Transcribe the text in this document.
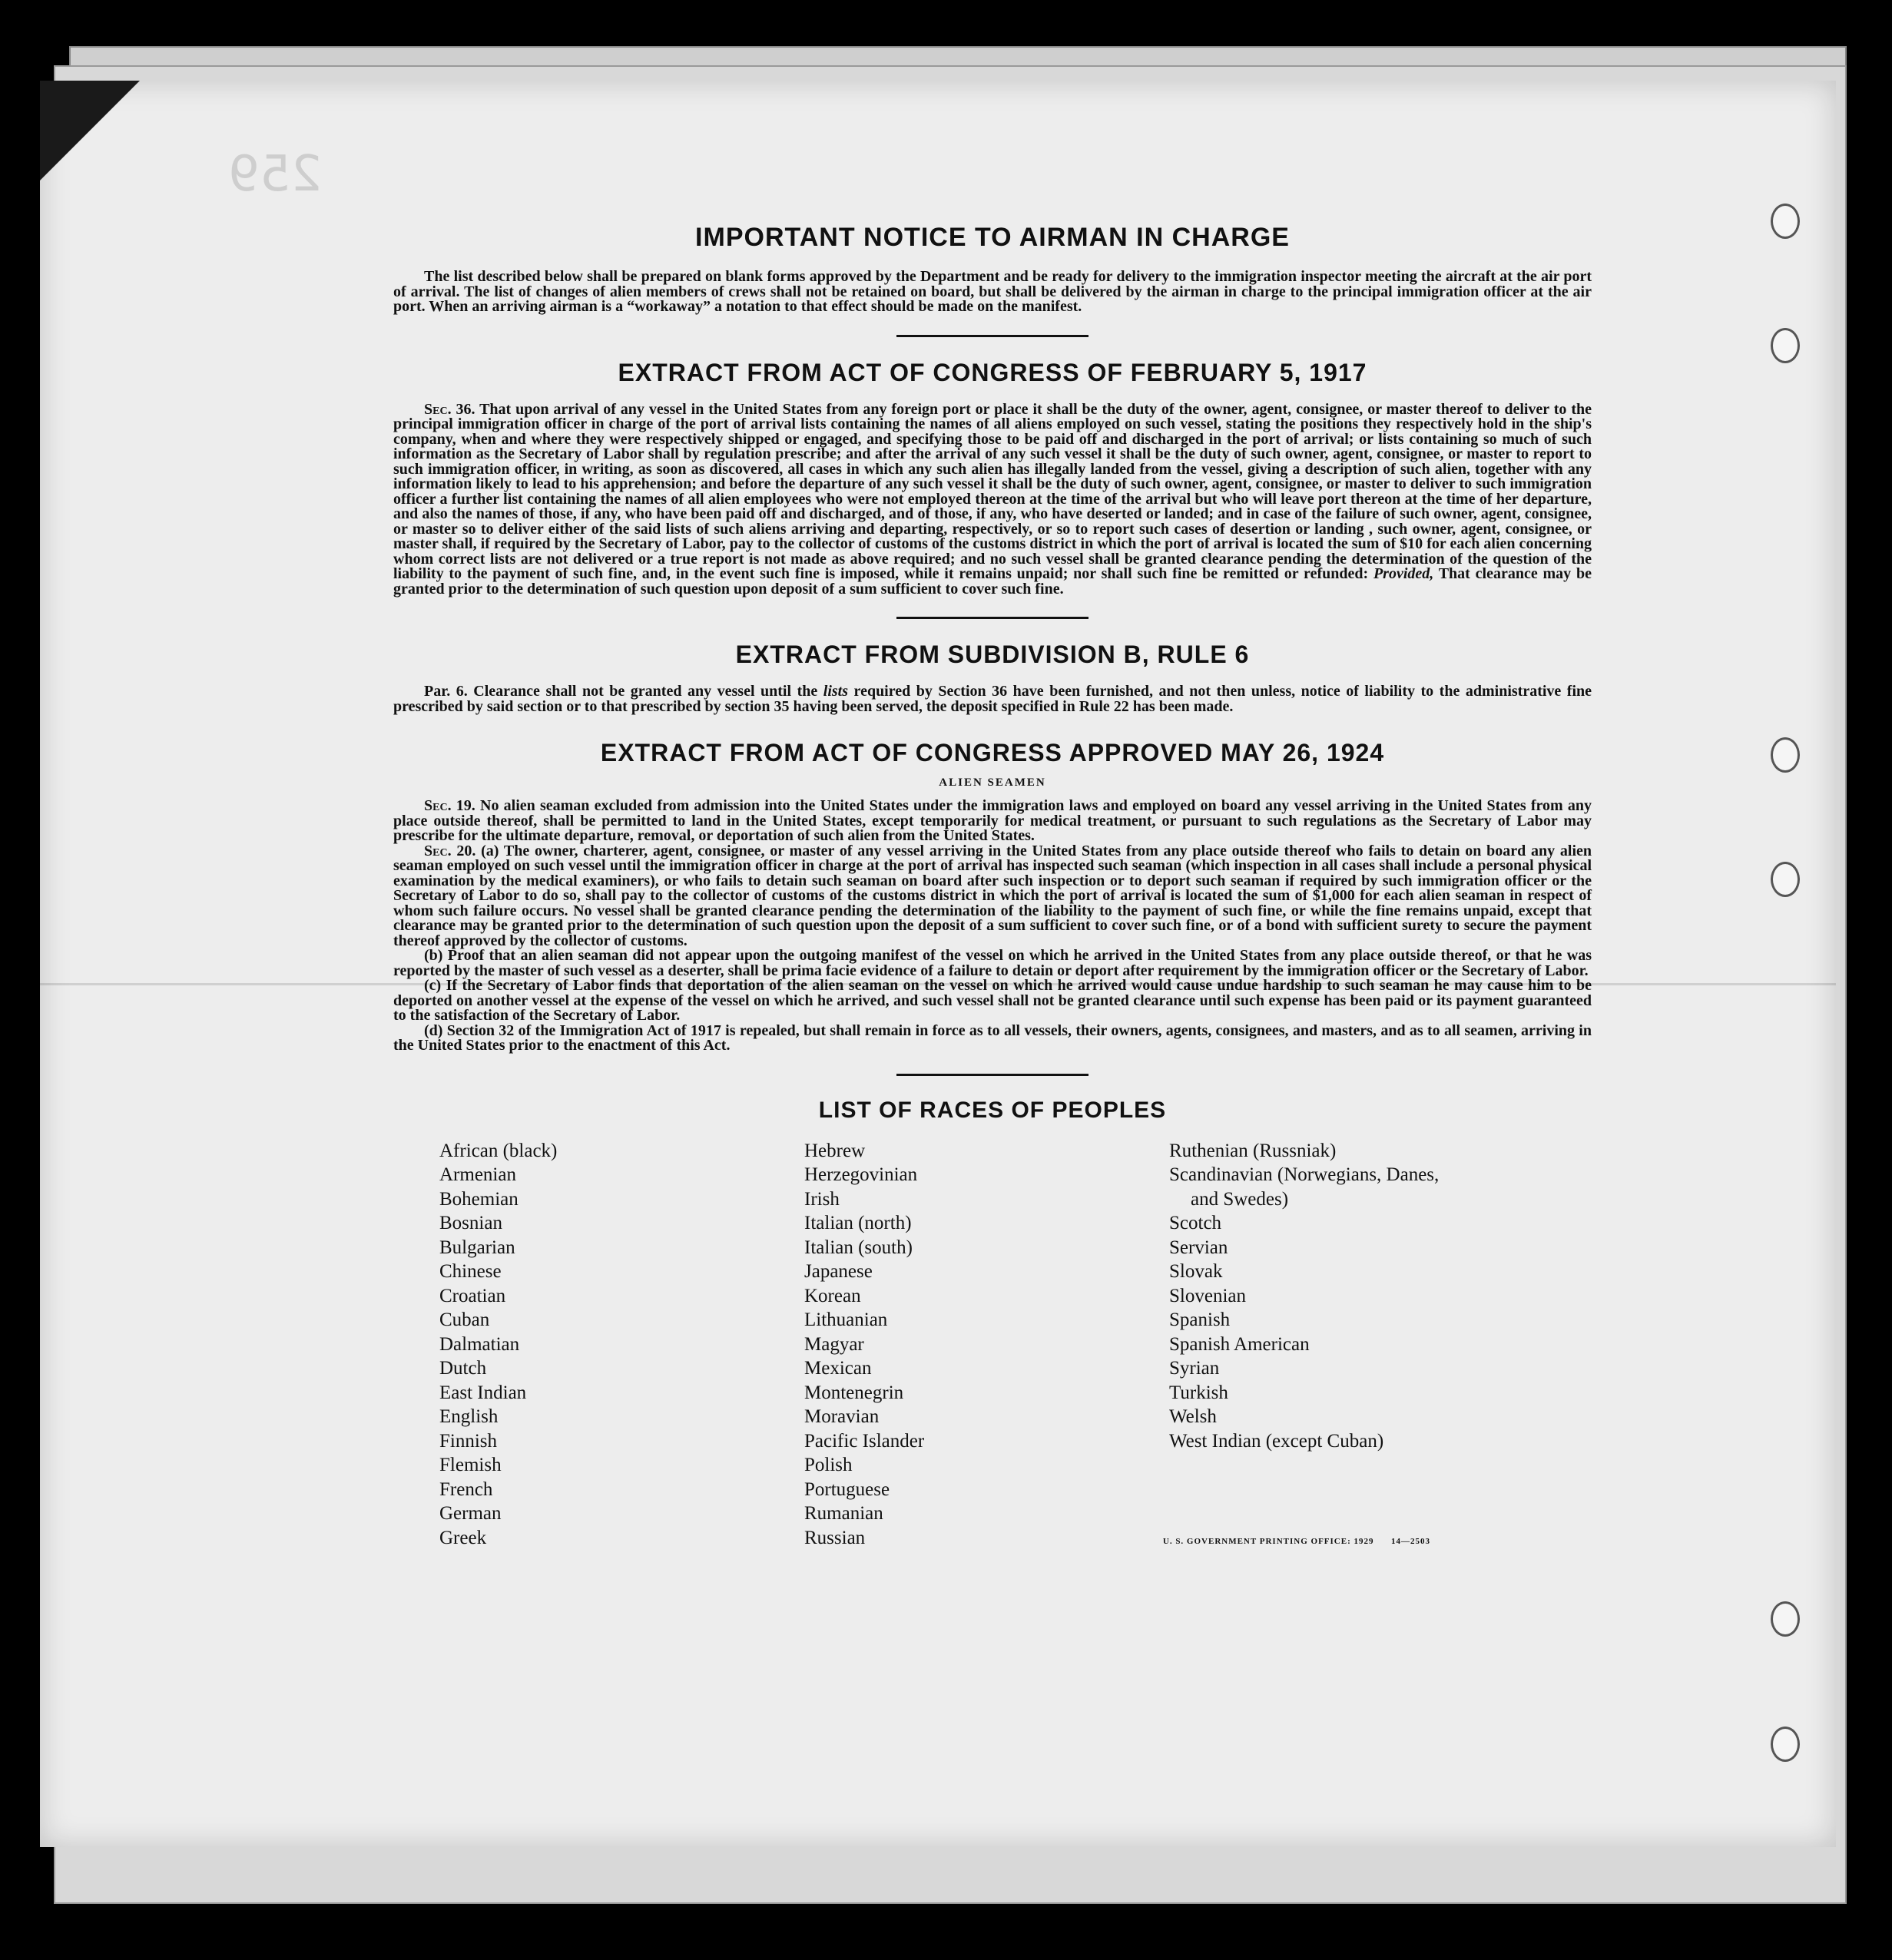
259
IMPORTANT NOTICE TO AIRMAN IN CHARGE

The list described below shall be prepared on blank forms approved by the Department and be ready for delivery to the immigration inspector meeting the aircraft at the air port of arrival. The list of changes of alien members of crews shall not be retained on board, but shall be delivered by the airman in charge to the principal immigration officer at the air port. When an arriving airman is a “workaway” a notation to that effect should be made on the manifest.

EXTRACT FROM ACT OF CONGRESS OF FEBRUARY 5, 1917

Sec. 36. That upon arrival of any vessel in the United States from any foreign port or place it shall be the duty of the owner, agent, consignee, or master thereof to deliver to the principal immigration officer in charge of the port of arrival lists containing the names of all aliens employed on such vessel, stating the positions they respectively hold in the ship's company, when and where they were respectively shipped or engaged, and specifying those to be paid off and discharged in the port of arrival; or lists containing so much of such information as the Secretary of Labor shall by regulation prescribe; and after the arrival of any such vessel it shall be the duty of such owner, agent, consignee, or master to report to such immigration officer, in writing, as soon as discovered, all cases in which any such alien has illegally landed from the vessel, giving a description of such alien, together with any information likely to lead to his apprehension; and before the departure of any such vessel it shall be the duty of such owner, agent, consignee, or master to deliver to such immigration officer a further list containing the names of all alien employees who were not employed thereon at the time of the arrival but who will leave port thereon at the time of her departure, and also the names of those, if any, who have been paid off and discharged, and of those, if any, who have deserted or landed; and in case of the failure of such owner, agent, consignee, or master so to deliver either of the said lists of such aliens arriving and departing, respectively, or so to report such cases of desertion or landing , such owner, agent, consignee, or master shall, if required by the Secretary of Labor, pay to the collector of customs of the customs district in which the port of arrival is located the sum of $10 for each alien concerning whom correct lists are not delivered or a true report is not made as above required; and no such vessel shall be granted clearance pending the determination of the question of the liability to the payment of such fine, and, in the event such fine is imposed, while it remains unpaid; nor shall such fine be remitted or refunded: Provided, That clearance may be granted prior to the determination of such question upon deposit of a sum sufficient to cover such fine.

EXTRACT FROM SUBDIVISION B, RULE 6

Par. 6. Clearance shall not be granted any vessel until the lists required by Section 36 have been furnished, and not then unless, notice of liability to the administrative fine prescribed by said section or to that prescribed by section 35 having been served, the deposit specified in Rule 22 has been made.

EXTRACT FROM ACT OF CONGRESS APPROVED MAY 26, 1924
ALIEN SEAMEN

Sec. 19. No alien seaman excluded from admission into the United States under the immigration laws and employed on board any vessel arriving in the United States from any place outside thereof, shall be permitted to land in the United States, except temporarily for medical treatment, or pursuant to such regulations as the Secretary of Labor may prescribe for the ultimate departure, removal, or deportation of such alien from the United States.

Sec. 20. (a) The owner, charterer, agent, consignee, or master of any vessel arriving in the United States from any place outside thereof who fails to detain on board any alien seaman employed on such vessel until the immigration officer in charge at the port of arrival has inspected such seaman (which inspection in all cases shall include a personal physical examination by the medical examiners), or who fails to detain such seaman on board after such inspection or to deport such seaman if required by such immigration officer or the Secretary of Labor to do so, shall pay to the collector of customs of the customs district in which the port of arrival is located the sum of $1,000 for each alien seaman in respect of whom such failure occurs. No vessel shall be granted clearance pending the determination of the liability to the payment of such fine, or while the fine remains unpaid, except that clearance may be granted prior to the determination of such question upon the deposit of a sum sufficient to cover such fine, or of a bond with sufficient surety to secure the payment thereof approved by the collector of customs.

(b) Proof that an alien seaman did not appear upon the outgoing manifest of the vessel on which he arrived in the United States from any place outside thereof, or that he was reported by the master of such vessel as a deserter, shall be prima facie evidence of a failure to detain or deport after requirement by the immigration officer or the Secretary of Labor.

(c) If the Secretary of Labor finds that deportation of the alien seaman on the vessel on which he arrived would cause undue hardship to such seaman he may cause him to be deported on another vessel at the expense of the vessel on which he arrived, and such vessel shall not be granted clearance until such expense has been paid or its payment guaranteed to the satisfaction of the Secretary of Labor.

(d) Section 32 of the Immigration Act of 1917 is repealed, but shall remain in force as to all vessels, their owners, agents, consignees, and masters, and as to all seamen, arriving in the United States prior to the enactment of this Act.

LIST OF RACES OF PEOPLES
African (black)
Armenian
Bohemian
Bosnian
Bulgarian
Chinese
Croatian
Cuban
Dalmatian
Dutch
East Indian
English
Finnish
Flemish
French
German
Greek
Hebrew
Herzegovinian
Irish
Italian (north)
Italian (south)
Japanese
Korean
Lithuanian
Magyar
Mexican
Montenegrin
Moravian
Pacific Islander
Polish
Portuguese
Rumanian
Russian
Ruthenian (Russniak)
Scandinavian (Norwegians, Danes,
and Swedes)
Scotch
Servian
Slovak
Slovenian
Spanish
Spanish American
Syrian
Turkish
Welsh
West Indian (except Cuban)
U. S. GOVERNMENT PRINTING OFFICE: 1929 14—2503
